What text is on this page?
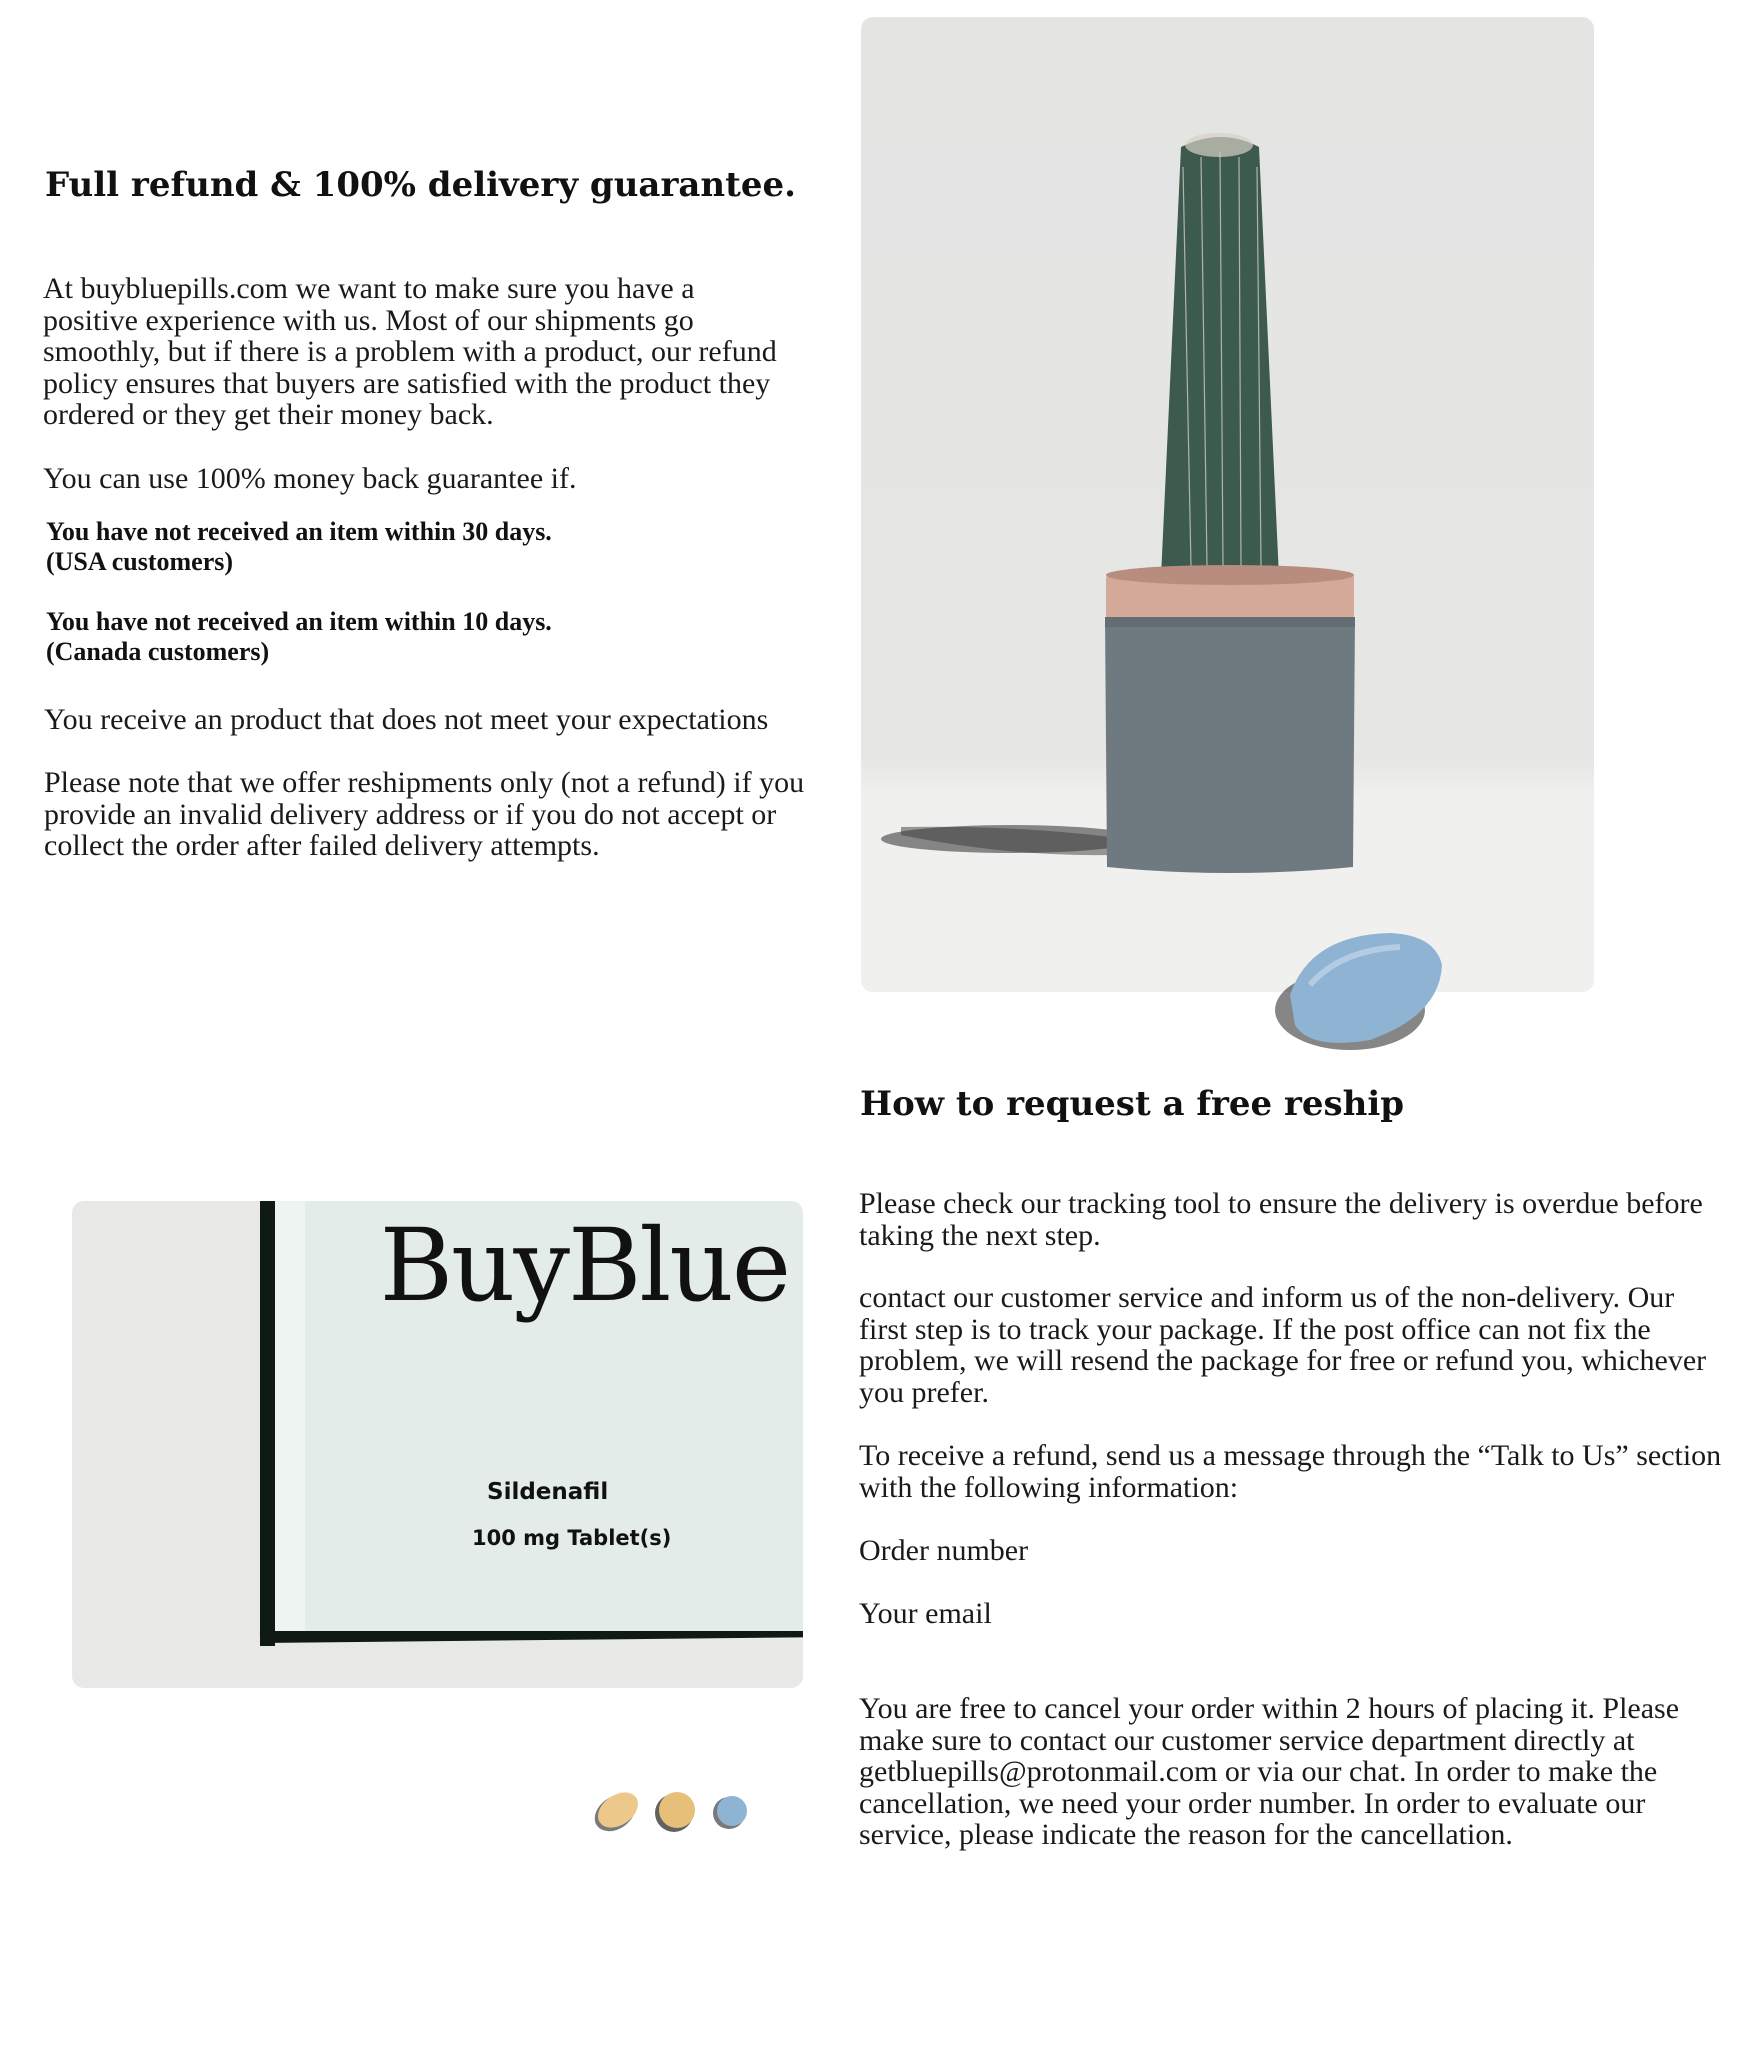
Full refund & 100% delivery guarantee.

At buybluepills.com we want to make sure you have a positive experience with us. Most of our shipments go smoothly, but if there is a problem with a product, our refund policy ensures that buyers are satisfied with the product they ordered or they get their money back.

You can use 100% money back guarantee if.

You have not received an item within 30 days.

(USA customers)

You have not received an item within 10 days.

(Canada customers)

You receive an product that does not meet your expectations

Please note that we offer reshipments only (not a refund) if you provide an invalid delivery address or if you do not accept or collect the order after failed delivery attempts.

How to request a free reship

Please check our tracking tool to ensure the delivery is overdue before taking the next step.

contact our customer service and inform us of the non-delivery. Our first step is to track your package. If the post office can not fix the problem, we will resend the package for free or refund you, whichever you prefer.

To receive a refund, send us a message through the “Talk to Us” section with the following information:

Order number

Your email

You are free to cancel your order within 2 hours of placing it. Please make sure to contact our customer service department directly at getbluepills@protonmail.com or via our chat. In order to make the cancellation, we need your order number. In order to evaluate our service, please indicate the reason for the cancellation.

BuyBlue
Sildenafil
100 mg Tablet(s)
